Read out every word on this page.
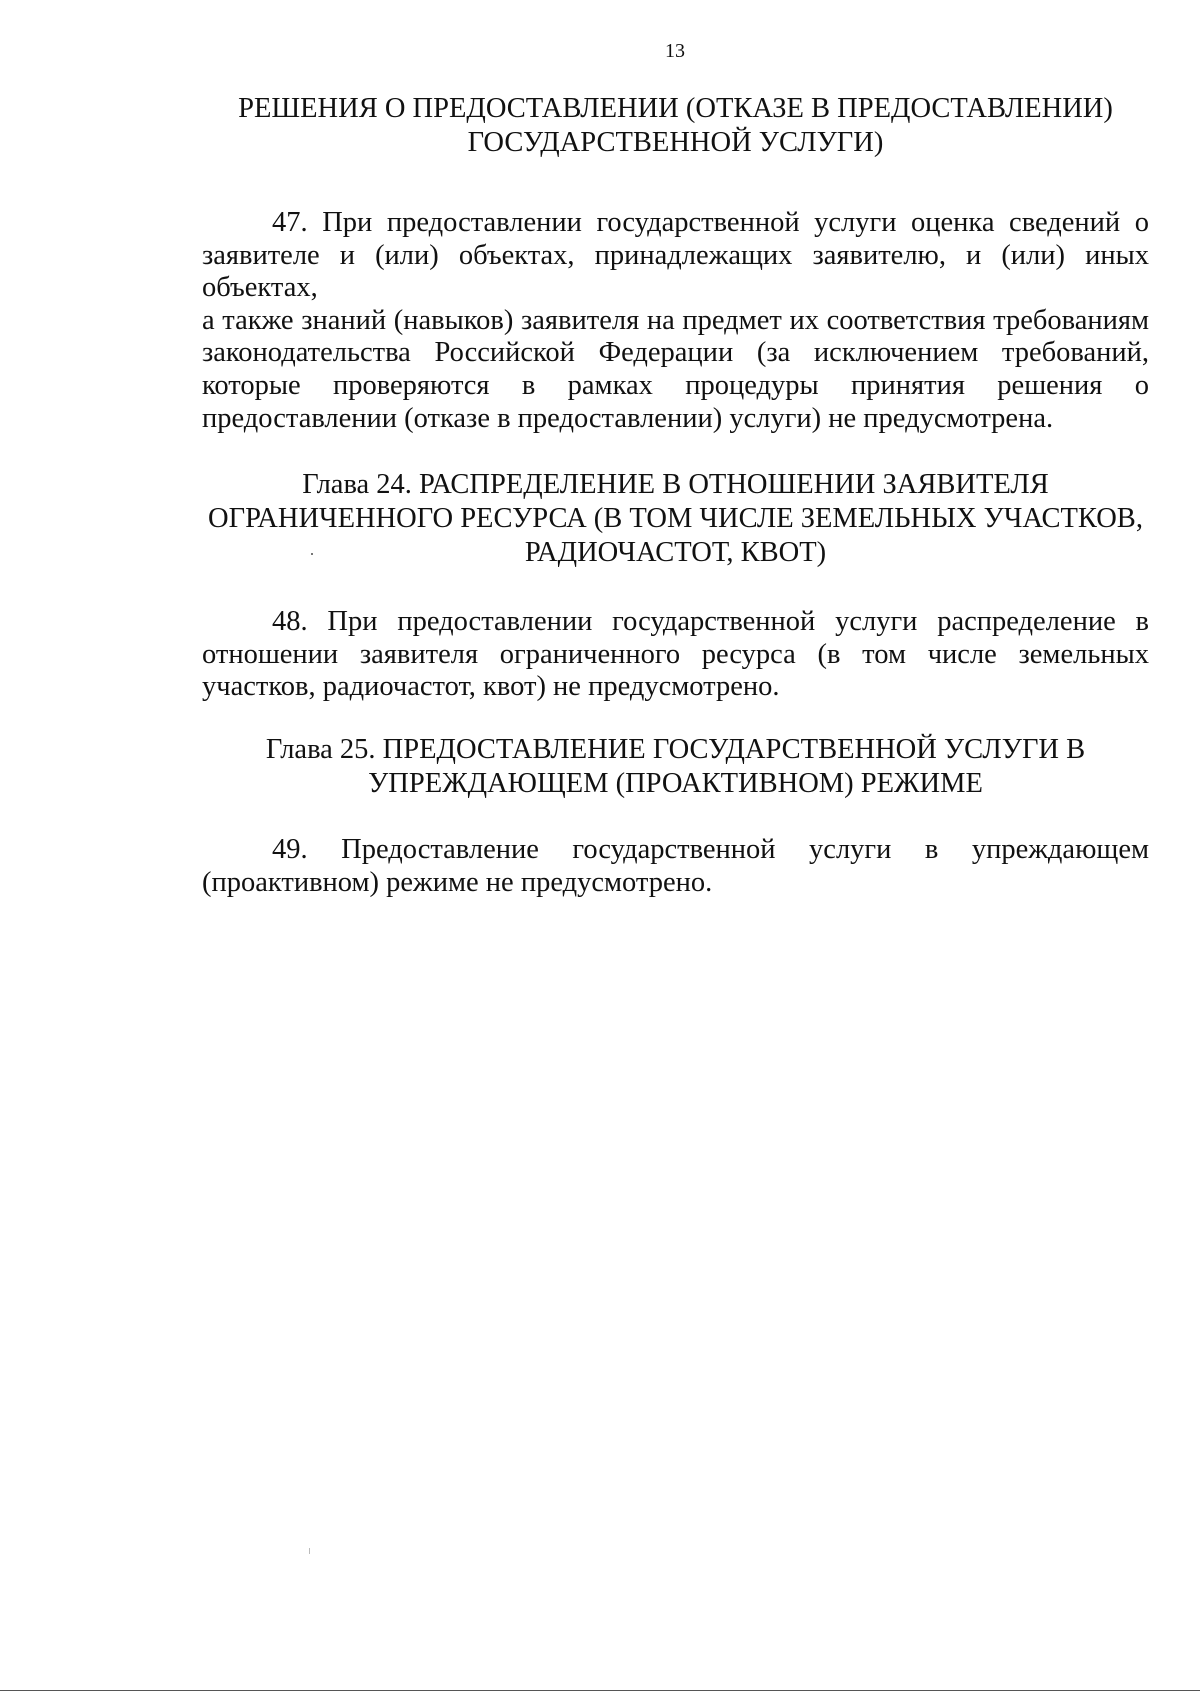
13
РЕШЕНИЯ О ПРЕДОСТАВЛЕНИИ (ОТКАЗЕ В ПРЕДОСТАВЛЕНИИ)
ГОСУДАРСТВЕННОЙ УСЛУГИ)

47. При предоставлении государственной услуги оценка сведений о
заявителе и (или) объектах, принадлежащих заявителю, и (или) иных объектах,
а также знаний (навыков) заявителя на предмет их соответствия требованиям
законодательства Российской Федерации (за исключением требований,
которые проверяются в рамках процедуры принятия решения о
предоставлении (отказе в предоставлении) услуги) не предусмотрена.

Глава 24. РАСПРЕДЕЛЕНИЕ В ОТНОШЕНИИ ЗАЯВИТЕЛЯ
ОГРАНИЧЕННОГО РЕСУРСА (В ТОМ ЧИСЛЕ ЗЕМЕЛЬНЫХ УЧАСТКОВ,
РАДИОЧАСТОТ, КВОТ)

48. При предоставлении государственной услуги распределение в
отношении заявителя ограниченного ресурса (в том числе земельных
участков, радиочастот, квот) не предусмотрено.

Глава 25. ПРЕДОСТАВЛЕНИЕ ГОСУДАРСТВЕННОЙ УСЛУГИ В
УПРЕЖДАЮЩЕМ (ПРОАКТИВНОМ) РЕЖИМЕ

49. Предоставление государственной услуги в упреждающем
(проактивном) режиме не предусмотрено.
